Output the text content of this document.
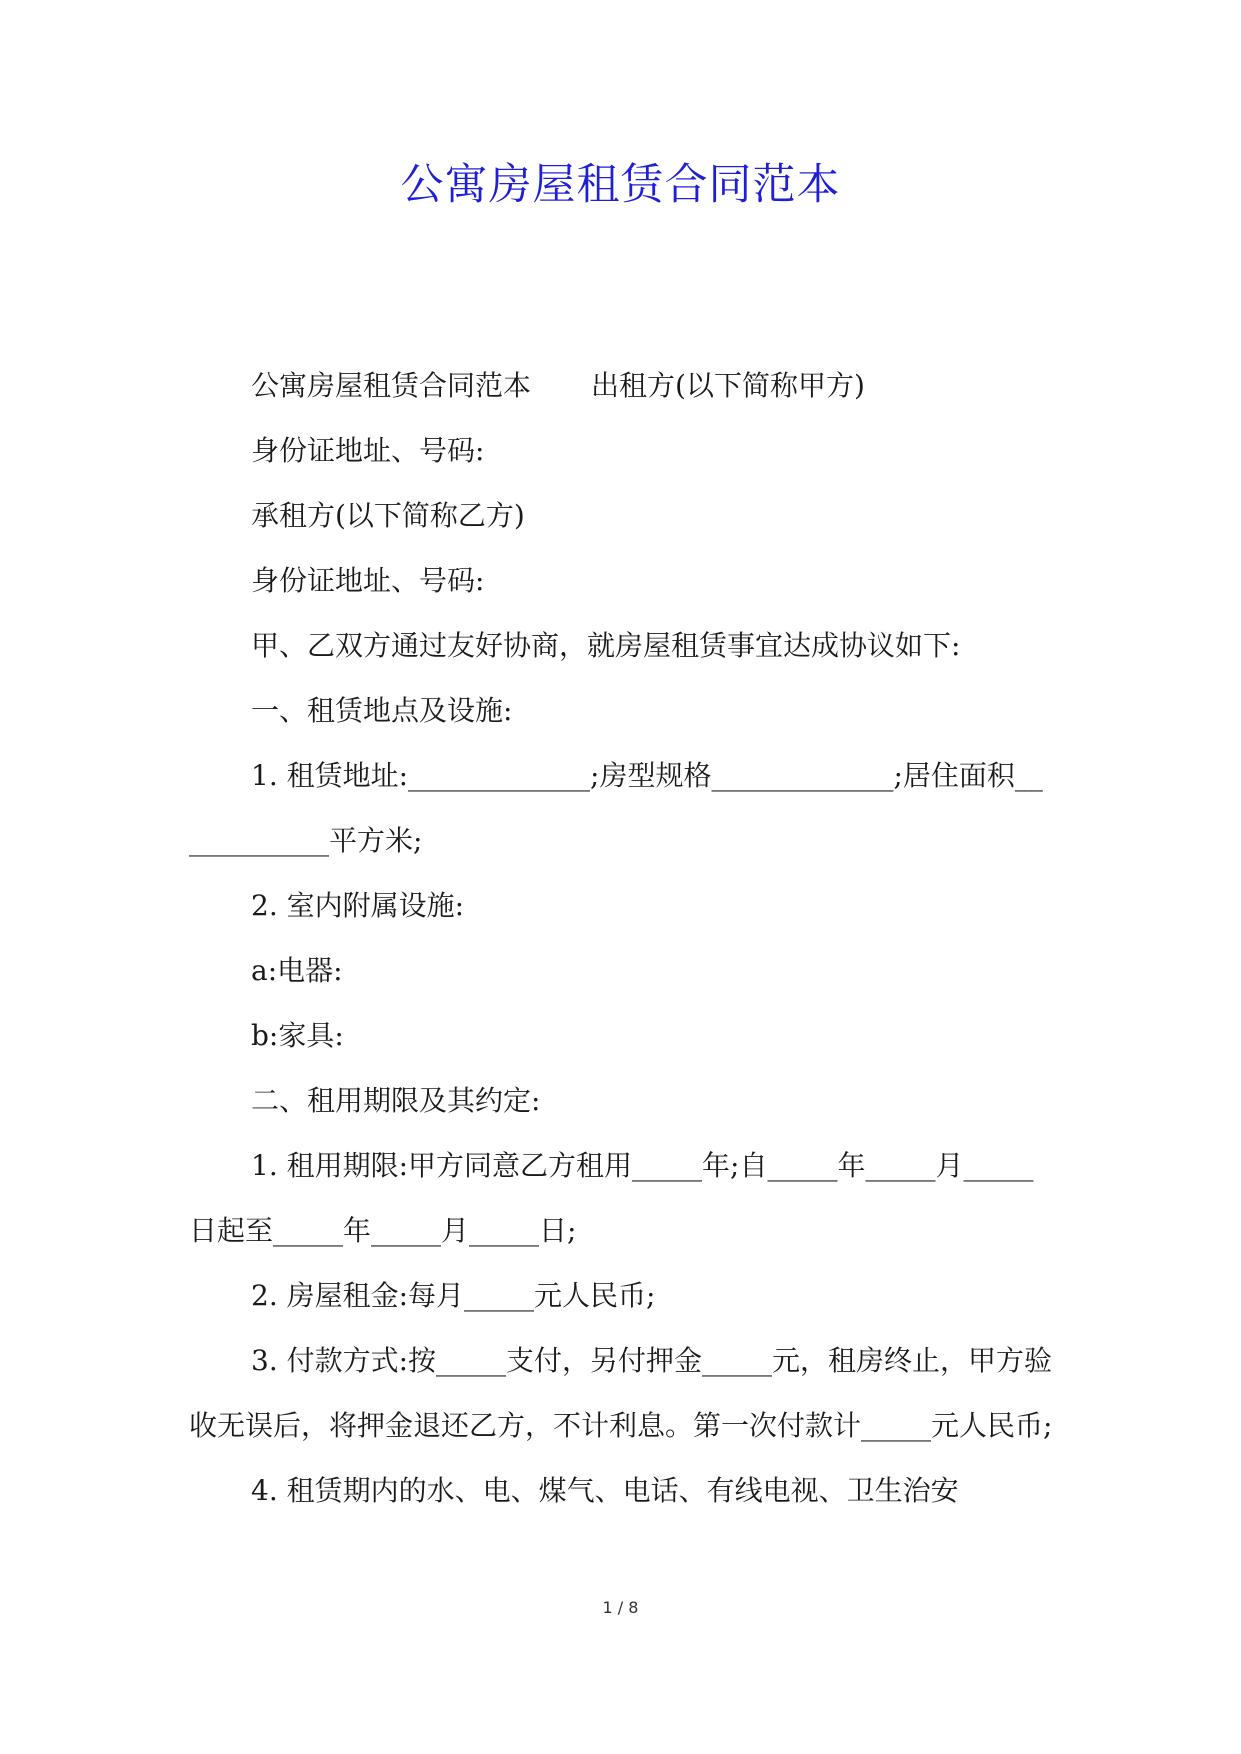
公寓房屋租赁合同范本

公寓房屋租赁合同范本 出租方(以下简称甲方)

身份证地址、号码:

承租方(以下简称乙方)

身份证地址、号码:

甲、乙双方通过友好协商，就房屋租赁事宜达成协议如下:

一、租赁地点及设施:

1. 租赁地址:_____________;房型规格_____________;居住面积____________平方米;

2. 室内附属设施:

a:电器:

b:家具:

二、租用期限及其约定:

1. 租用期限:甲方同意乙方租用_____年;自_____年_____月_____日起至_____年_____月_____日;

2. 房屋租金:每月_____元人民币;

3. 付款方式:按_____支付，另付押金_____元，租房终止，甲方验收无误后，将押金退还乙方，不计利息。第一次付款计_____元人民币;

4. 租赁期内的水、电、煤气、电话、有线电视、卫生治安

1 / 8
